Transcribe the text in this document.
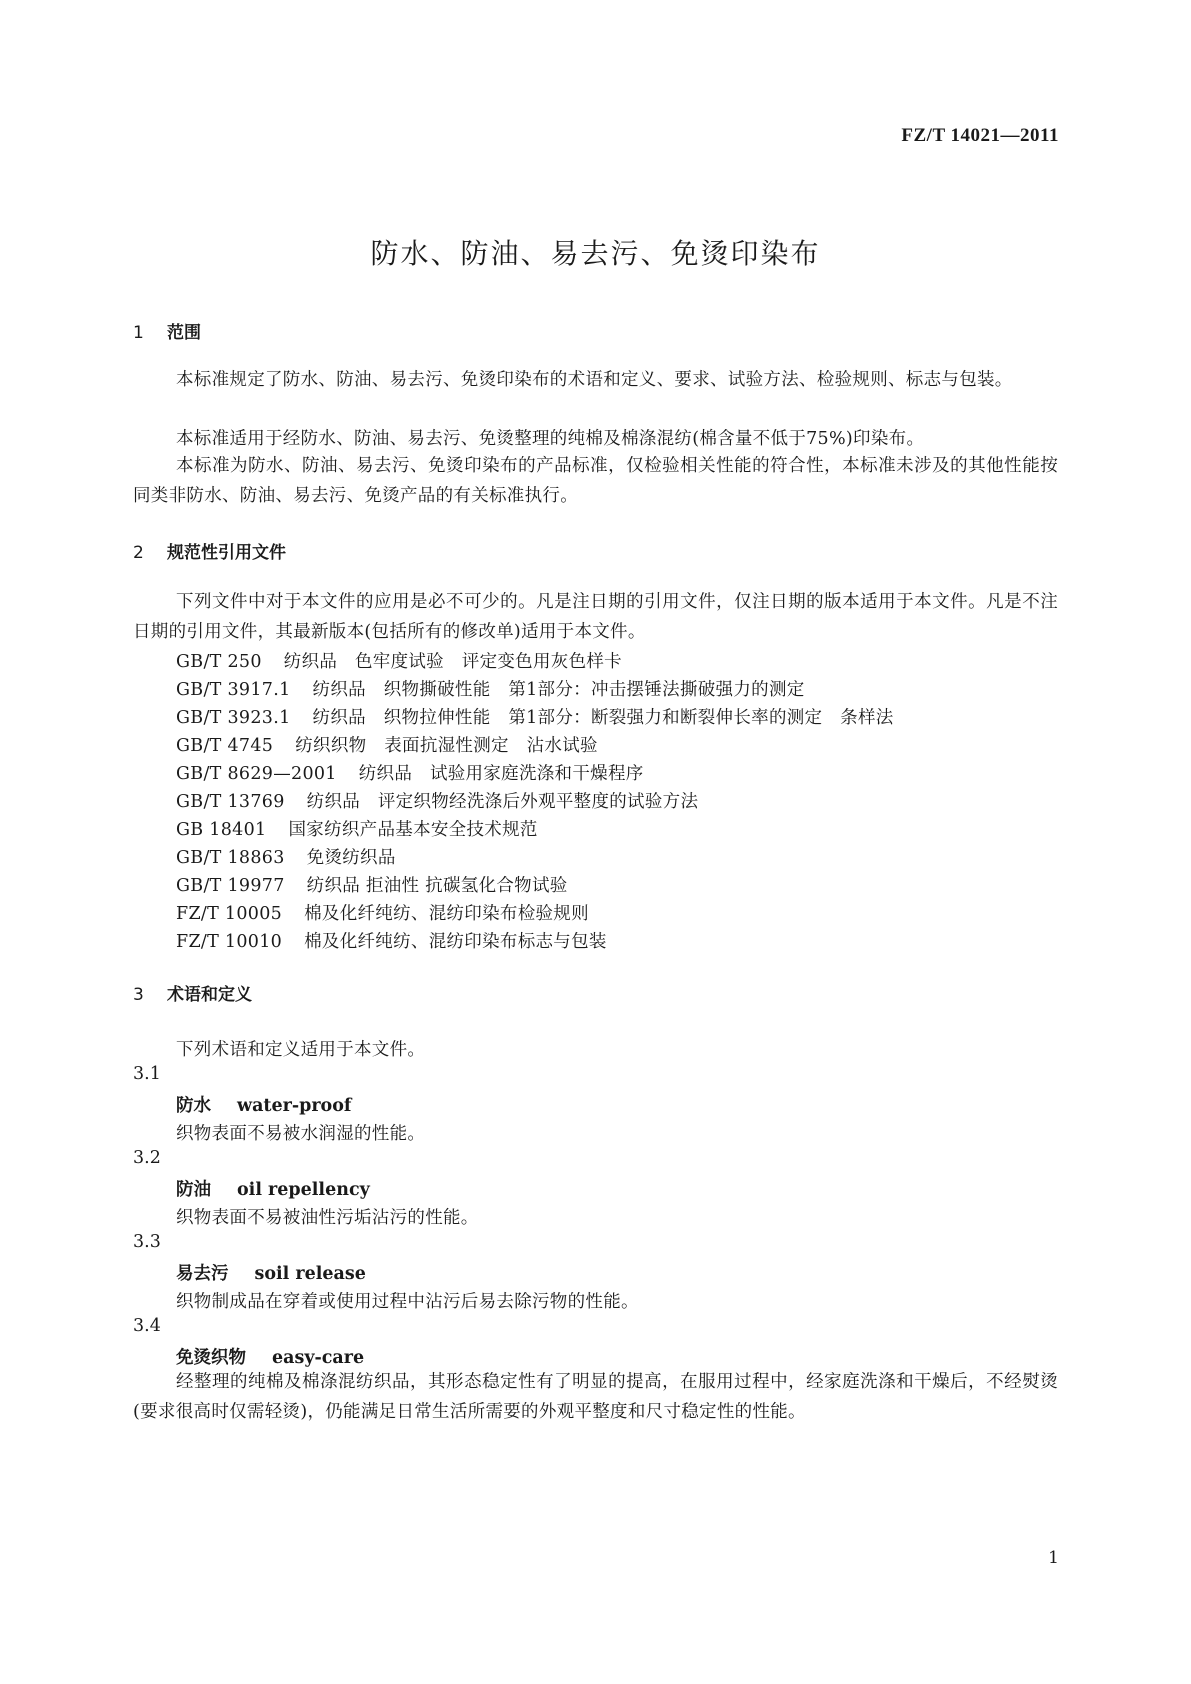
FZ/T 14021—2011
防水、防油、易去污、免烫印染布
1 范围
本标准规定了防水、防油、易去污、免烫印染布的术语和定义、要求、试验方法、检验规则、标志与包装。
本标准适用于经防水、防油、易去污、免烫整理的纯棉及棉涤混纺(棉含量不低于75%)印染布。
本标准为防水、防油、易去污、免烫印染布的产品标准，仅检验相关性能的符合性，本标准未涉及的其他性能按同类非防水、防油、易去污、免烫产品的有关标准执行。
2 规范性引用文件
下列文件中对于本文件的应用是必不可少的。凡是注日期的引用文件，仅注日期的版本适用于本文件。凡是不注日期的引用文件，其最新版本(包括所有的修改单)适用于本文件。
GB/T 250 纺织品　色牢度试验　评定变色用灰色样卡
GB/T 3917.1 纺织品　织物撕破性能　第1部分：冲击摆锤法撕破强力的测定
GB/T 3923.1 纺织品　织物拉伸性能　第1部分：断裂强力和断裂伸长率的测定　条样法
GB/T 4745 纺织织物　表面抗湿性测定　沾水试验
GB/T 8629—2001 纺织品　试验用家庭洗涤和干燥程序
GB/T 13769 纺织品　评定织物经洗涤后外观平整度的试验方法
GB 18401 国家纺织产品基本安全技术规范
GB/T 18863 免烫纺织品
GB/T 19977 纺织品 拒油性 抗碳氢化合物试验
FZ/T 10005 棉及化纤纯纺、混纺印染布检验规则
FZ/T 10010 棉及化纤纯纺、混纺印染布标志与包装
3 术语和定义
下列术语和定义适用于本文件。
3.1
防水 water-proof
织物表面不易被水润湿的性能。
3.2
防油 oil repellency
织物表面不易被油性污垢沾污的性能。
3.3
易去污 soil release
织物制成品在穿着或使用过程中沾污后易去除污物的性能。
3.4
免烫织物 easy-care
经整理的纯棉及棉涤混纺织品，其形态稳定性有了明显的提高，在服用过程中，经家庭洗涤和干燥后，不经熨烫(要求很高时仅需轻烫)，仍能满足日常生活所需要的外观平整度和尺寸稳定性的性能。
1
